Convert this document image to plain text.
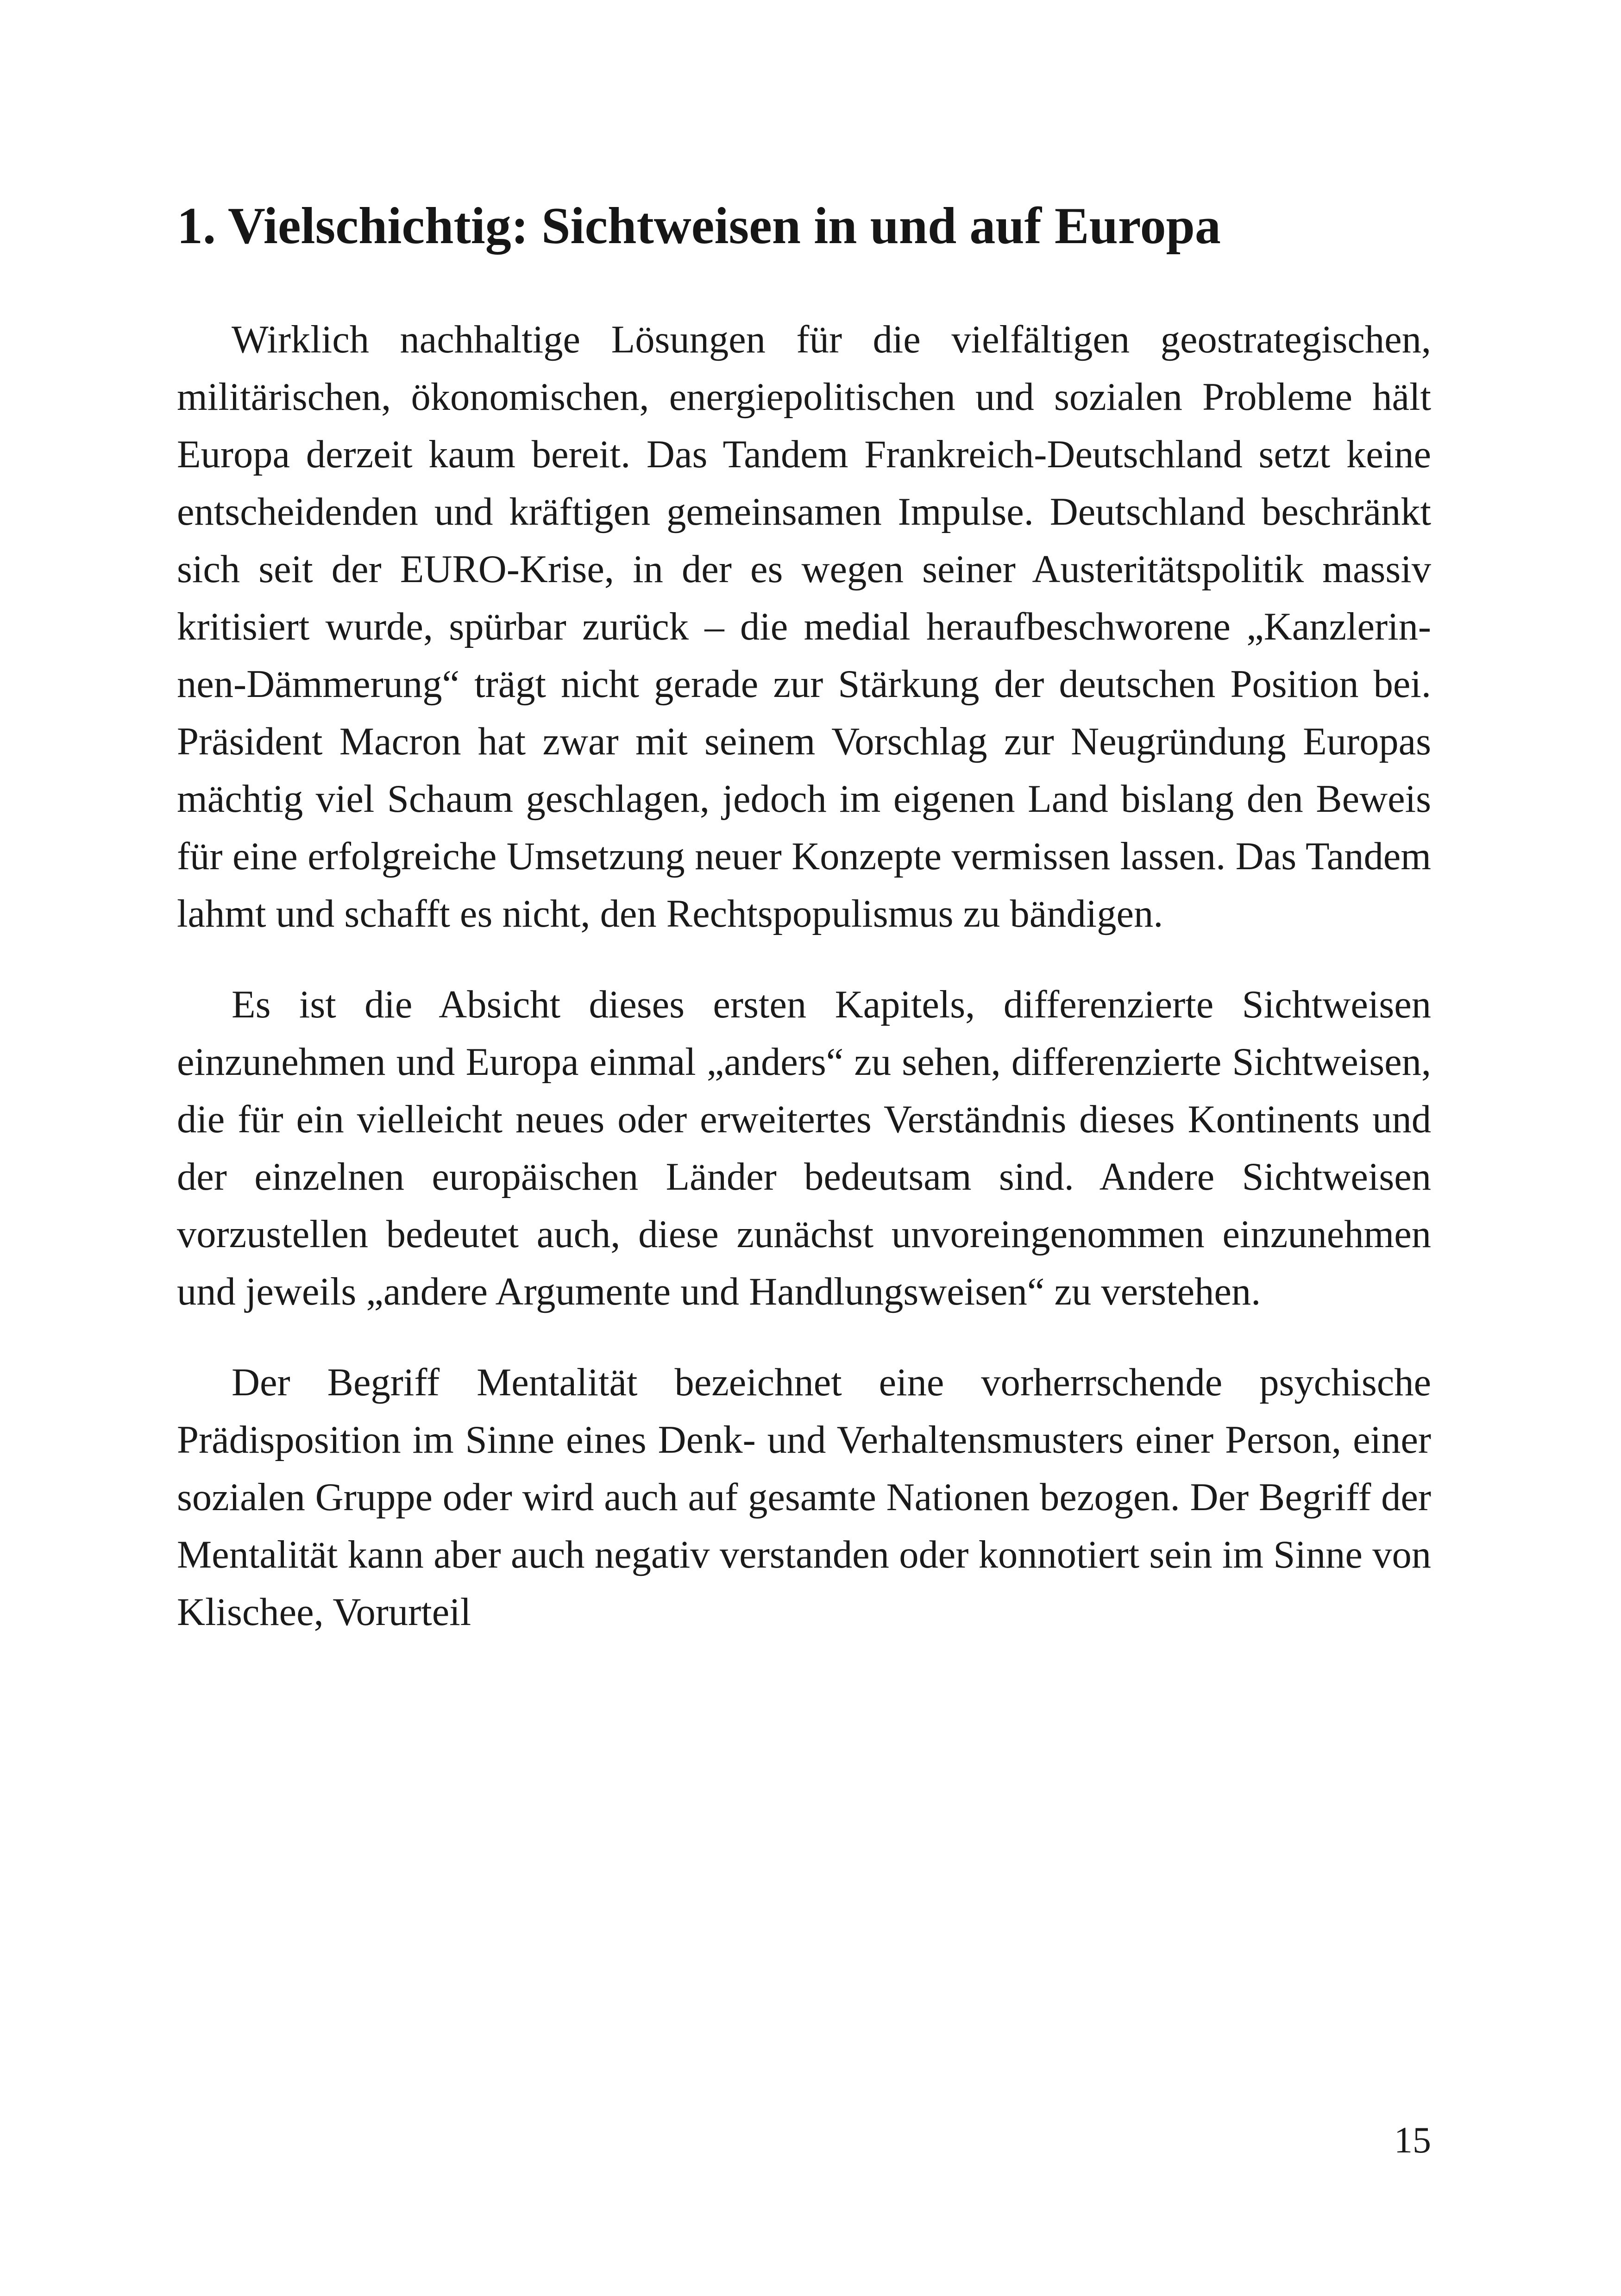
1. Vielschichtig: Sichtweisen in und auf Europa

Wirklich nachhaltige Lösungen für die vielfältigen geostrategischen, militärischen, ökonomischen, energiepolitischen und sozialen Probleme hält Europa derzeit kaum bereit. Das Tandem Frankreich-Deutschland setzt keine entscheidenden und kräftigen gemeinsamen Impulse. Deutschland beschränkt sich seit der EURO-Krise, in der es wegen seiner Austeritätspolitik massiv kritisiert wurde, spürbar zurück – die medial heraufbeschworene „Kanzlerinnen-Dämmerung“ trägt nicht gerade zur Stärkung der deutschen Position bei. Präsident Macron hat zwar mit seinem Vorschlag zur Neugründung Europas mächtig viel Schaum geschlagen, jedoch im eigenen Land bislang den Beweis für eine erfolgreiche Umsetzung neuer Konzepte vermissen lassen. Das Tandem lahmt und schafft es nicht, den Rechtspopulismus zu bändigen.

Es ist die Absicht dieses ersten Kapitels, differenzierte Sichtweisen einzunehmen und Europa einmal „anders“ zu sehen, differenzierte Sichtweisen, die für ein vielleicht neues oder erweitertes Verständnis dieses Kontinents und der einzelnen europäischen Länder bedeutsam sind. Andere Sichtweisen vorzustellen bedeutet auch, diese zunächst unvoreingenommen einzunehmen und jeweils „andere Argumente und Handlungsweisen“ zu verstehen.

Der Begriff Mentalität bezeichnet eine vorherrschende psychische Prädisposition im Sinne eines Denk- und Verhaltensmusters einer Person, einer sozialen Gruppe oder wird auch auf gesamte Nationen bezogen. Der Begriff der Mentalität kann aber auch negativ verstanden oder konnotiert sein im Sinne von Klischee, Vorurteil

15
